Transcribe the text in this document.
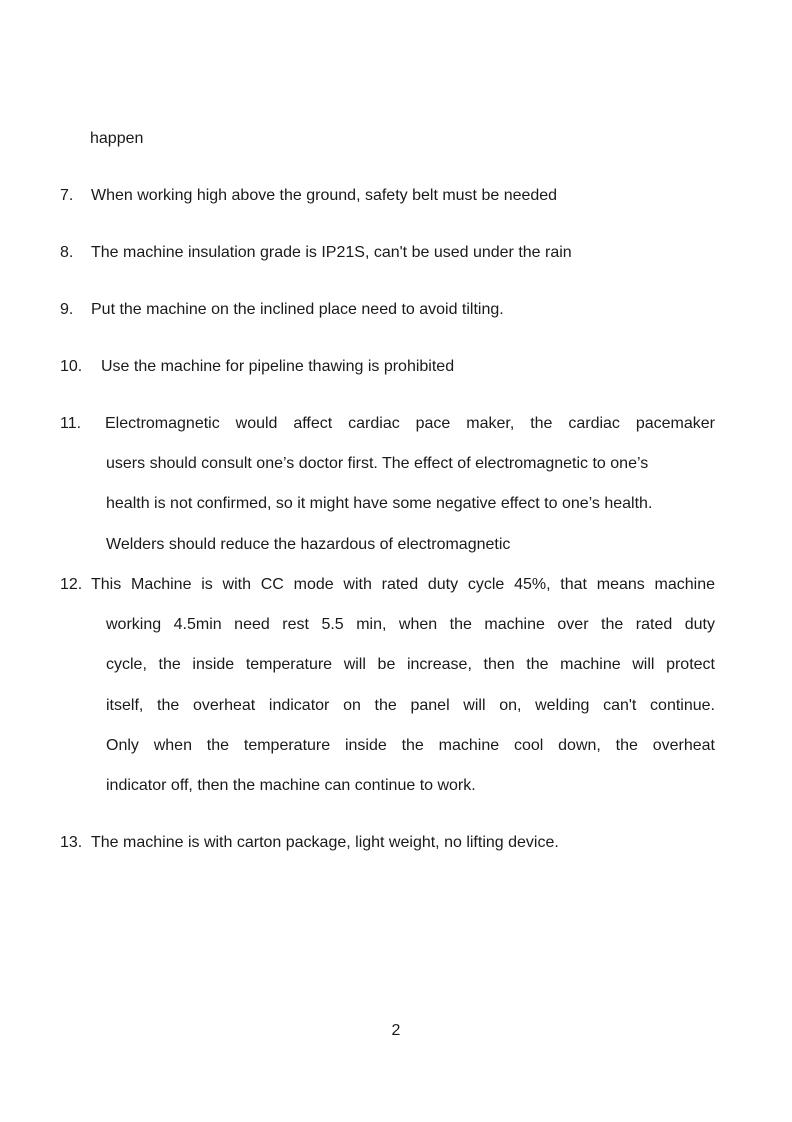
happen
7. When working high above the ground, safety belt must be needed
8. The machine insulation grade is IP21S, can't be used under the rain
9. Put the machine on the inclined place need to avoid tilting.
10. Use the machine for pipeline thawing is prohibited
11. Electromagnetic would affect cardiac pace maker, the cardiac pacemaker
users should consult one’s doctor first. The effect of electromagnetic to one’s
health is not confirmed, so it might have some negative effect to one’s health.
Welders should reduce the hazardous of electromagnetic
12. This Machine is with CC mode with rated duty cycle 45%, that means machine
working 4.5min need rest 5.5 min, when the machine over the rated duty
cycle, the inside temperature will be increase, then the machine will protect
itself, the overheat indicator on the panel will on, welding can't continue.
Only when the temperature inside the machine cool down, the overheat
indicator off, then the machine can continue to work.
13. The machine is with carton package, light weight, no lifting device.
2
